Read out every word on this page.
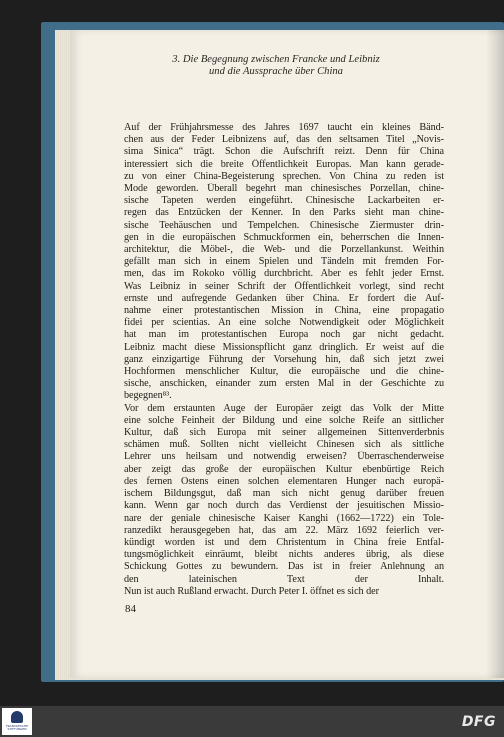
3. Die Begegnung zwischen Francke und Leibniz
und die Aussprache über China
Auf der Frühjahrsmesse des Jahres 1697 taucht ein kleines Bänd-
chen aus der Feder Leibnizens auf, das den seltsamen Titel „Novis-
sima Sinica“ trägt. Schon die Aufschrift reizt. Denn für China
interessiert sich die breite Öffentlichkeit Europas. Man kann gerade-
zu von einer China-Begeisterung sprechen. Von China zu reden ist
Mode geworden. Überall begehrt man chinesisches Porzellan, chine-
sische Tapeten werden eingeführt. Chinesische Lackarbeiten er-
regen das Entzücken der Kenner. In den Parks sieht man chine-
sische Teehäuschen und Tempelchen. Chinesische Ziermuster drin-
gen in die europäischen Schmuckformen ein, beherrschen die Innen-
architektur, die Möbel-, die Web- und die Porzellankunst. Weithin
gefällt man sich in einem Spielen und Tändeln mit fremden For-
men, das im Rokoko völlig durchbricht. Aber es fehlt jeder Ernst.
Was Leibniz in seiner Schrift der Öffentlichkeit vorlegt, sind recht
ernste und aufregende Gedanken über China. Er fordert die Auf-
nahme einer protestantischen Mission in China, eine propagatio
fidei per scientias. An eine solche Notwendigkeit oder Möglichkeit
hat man im protestantischen Europa noch gar nicht gedacht.
Leibniz macht diese Missionspflicht ganz dringlich. Er weist auf die
ganz einzigartige Führung der Vorsehung hin, daß sich jetzt zwei
Hochformen menschlicher Kultur, die europäische und die chine-
sische, anschicken, einander zum ersten Mal in der Geschichte zu
begegnen⁸³.
Vor dem erstaunten Auge der Europäer zeigt das Volk der Mitte
eine solche Feinheit der Bildung und eine solche Reife an sittlicher
Kultur, daß sich Europa mit seiner allgemeinen Sittenverderbnis
schämen muß. Sollten nicht vielleicht Chinesen sich als sittliche
Lehrer uns heilsam und notwendig erweisen? Überraschenderweise
aber zeigt das große der europäischen Kultur ebenbürtige Reich
des fernen Ostens einen solchen elementaren Hunger nach europä-
ischem Bildungsgut, daß man sich nicht genug darüber freuen
kann. Wenn gar noch durch das Verdienst der jesuitischen Missio-
nare der geniale chinesische Kaiser Kanghi (1662—1722) ein Tole-
ranzedikt herausgegeben hat, das am 22. März 1692 feierlich ver-
kündigt worden ist und dem Christentum in China freie Entfal-
tungsmöglichkeit einräumt, bleibt nichts anderes übrig, als diese
Schickung Gottes zu bewundern. Das ist in freier Anlehnung an
den lateinischen Text der Inhalt.
Nun ist auch Rußland erwacht. Durch Peter I. öffnet es sich der
84
FRANCKESCHE
STIFTUNGEN	DFG
